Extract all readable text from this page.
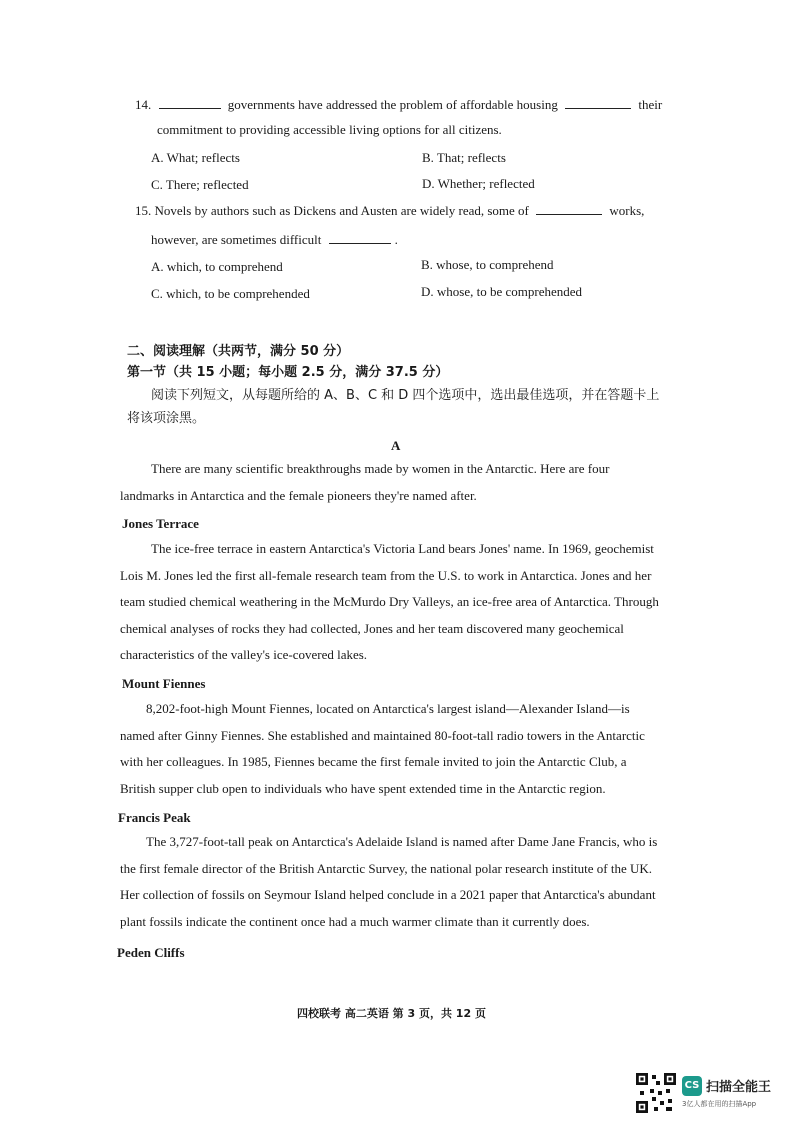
14.	governments have addressed the problem of affordable housing	their
commitment to providing accessible living options for all citizens.
A. What; reflects	B. That; reflects
C. There; reflected	D. Whether; reflected
15. Novels by authors such as Dickens and Austen are widely read, some of	works,
however, are sometimes difficult	.
A. which, to comprehend	B. whose, to comprehend
C. which, to be comprehended	D. whose, to be comprehended
二、阅读理解（共两节，满分 50 分）
第一节（共 15 小题；每小题 2.5 分，满分 37.5 分）
阅读下列短文，从每题所给的 A、B、C 和 D 四个选项中，选出最佳选项，并在答题卡上
将该项涂黑。
A
There are many scientific breakthroughs made by women in the Antarctic. Here are four landmarks in Antarctica and the female pioneers they're named after.
Jones Terrace
The ice-free terrace in eastern Antarctica's Victoria Land bears Jones' name. In 1969, geochemist Lois M. Jones led the first all-female research team from the U.S. to work in Antarctica. Jones and her team studied chemical weathering in the McMurdo Dry Valleys, an ice-free area of Antarctica. Through chemical analyses of rocks they had collected, Jones and her team discovered many geochemical characteristics of the valley's ice-covered lakes.
Mount Fiennes
8,202-foot-high Mount Fiennes, located on Antarctica's largest island—Alexander Island—is named after Ginny Fiennes. She established and maintained 80-foot-tall radio towers in the Antarctic with her colleagues. In 1985, Fiennes became the first female invited to join the Antarctic Club, a British supper club open to individuals who have spent extended time in the Antarctic region.
Francis Peak
The 3,727-foot-tall peak on Antarctica's Adelaide Island is named after Dame Jane Francis, who is the first female director of the British Antarctic Survey, the national polar research institute of the UK. Her collection of fossils on Seymour Island helped conclude in a 2021 paper that Antarctica's abundant plant fossils indicate the continent once had a much warmer climate than it currently does.
Peden Cliffs
四校联考 高二英语 第 3 页，共 12 页
CS 扫描全能王
3亿人都在用的扫描App
